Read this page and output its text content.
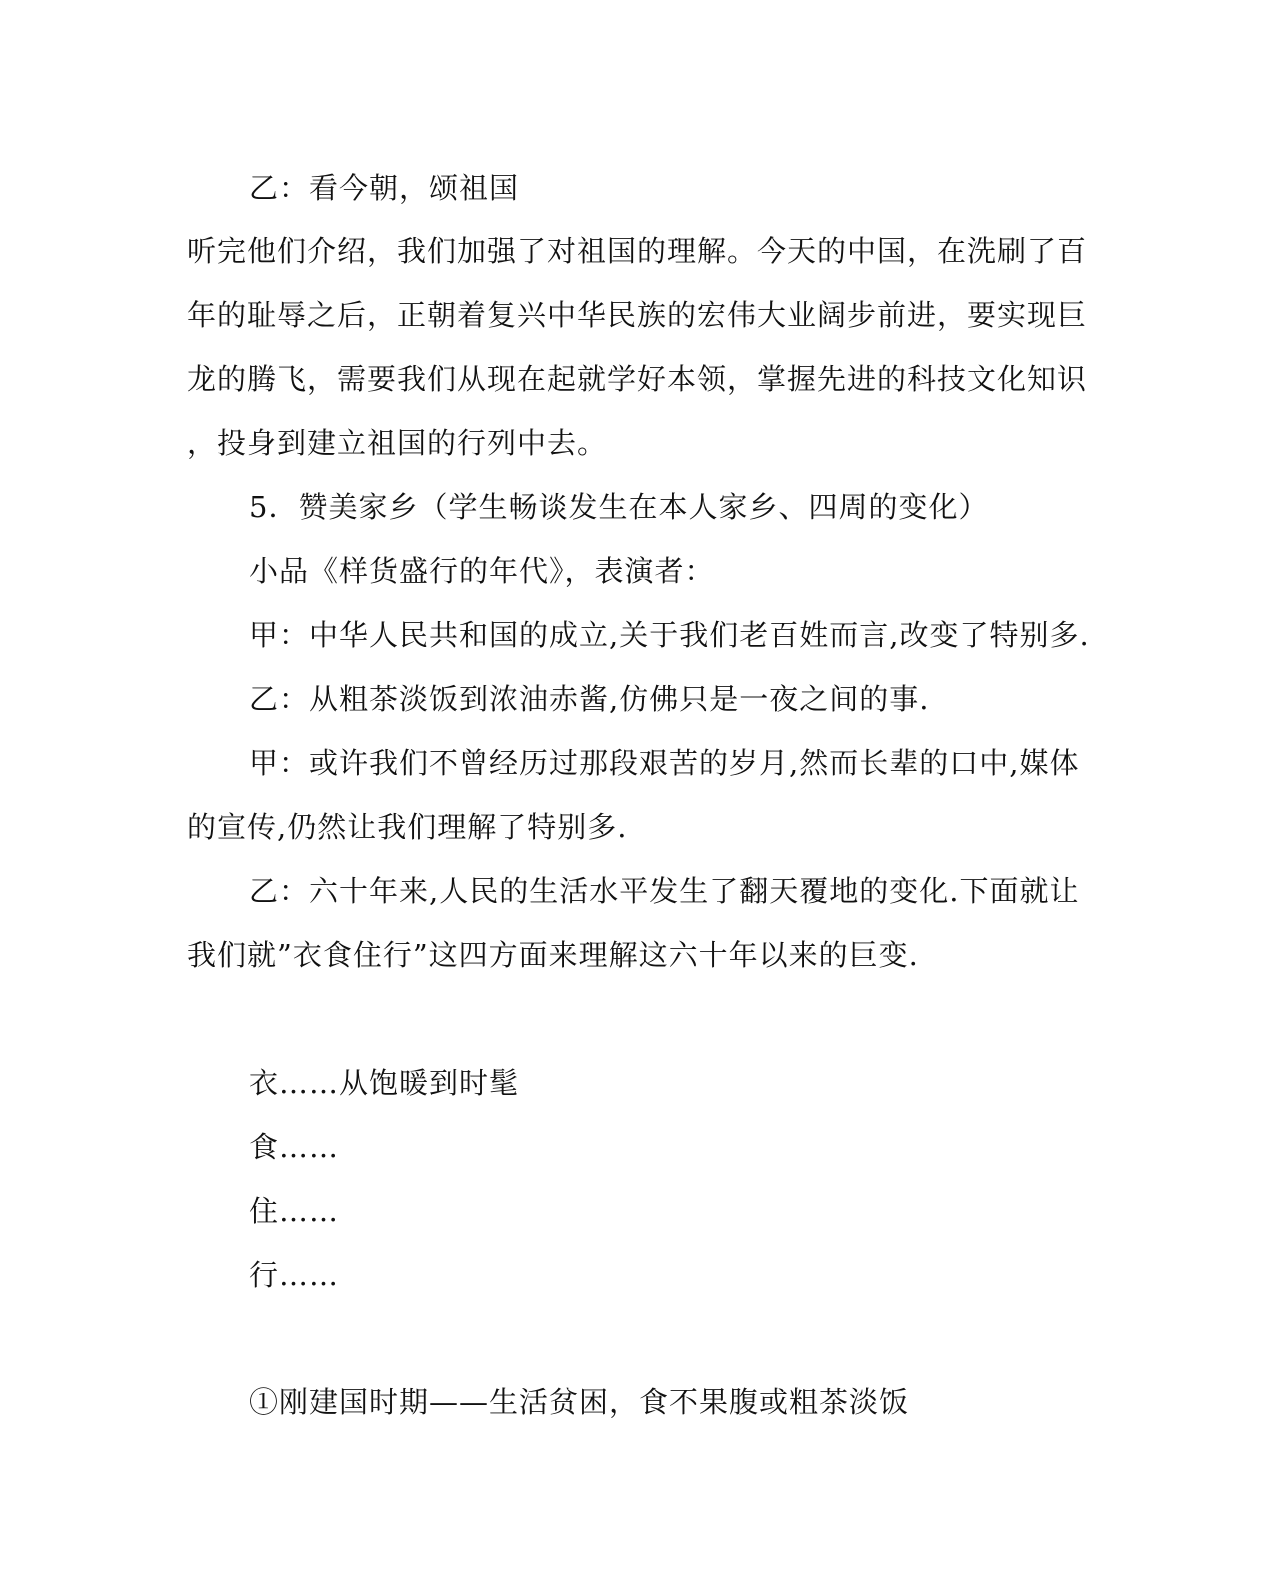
乙：看今朝，颂祖国
听完他们介绍，我们加强了对祖国的理解。今天的中国，在洗刷了百
年的耻辱之后，正朝着复兴中华民族的宏伟大业阔步前进，要实现巨
龙的腾飞，需要我们从现在起就学好本领，掌握先进的科技文化知识
，投身到建立祖国的行列中去。
5．赞美家乡（学生畅谈发生在本人家乡、四周的变化）
小品《样货盛行的年代》，表演者：
甲：中华人民共和国的成立,关于我们老百姓而言,改变了特别多.
乙：从粗茶淡饭到浓油赤酱,仿佛只是一夜之间的事.
甲：或许我们不曾经历过那段艰苦的岁月,然而长辈的口中,媒体
的宣传,仍然让我们理解了特别多.
乙：六十年来,人民的生活水平发生了翻天覆地的变化.下面就让
我们就”衣食住行”这四方面来理解这六十年以来的巨变.
衣……从饱暖到时髦
食……
住……
行……
①刚建国时期——生活贫困，食不果腹或粗茶淡饭
